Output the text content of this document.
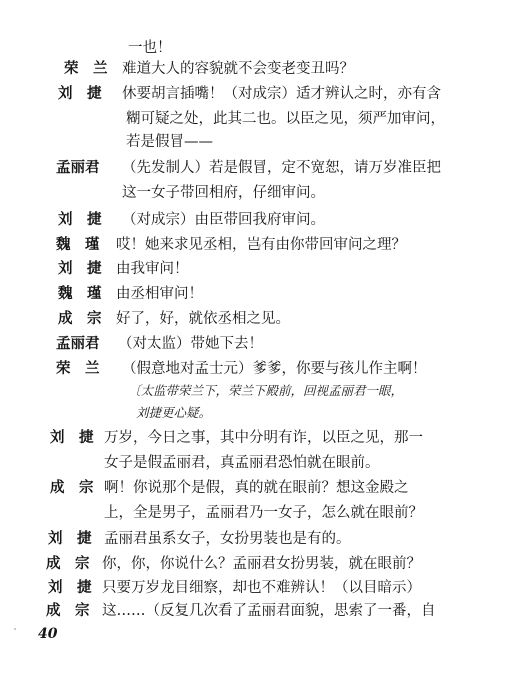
一也！
荣　兰 难道大人的容貌就不会变老变丑吗？
刘　捷 休要胡言插嘴！（对成宗）适才辨认之时，亦有含
糊可疑之处，此其二也。以臣之见，须严加审问，
若是假冒——
孟丽君 （先发制人）若是假冒，定不宽恕，请万岁准臣把
这一女子带回相府，仔细审问。
刘　捷 （对成宗）由臣带回我府审问。
魏　瑾 哎！她来求见丞相，岂有由你带回审问之理？
刘　捷 由我审问！
魏　瑾 由丞相审问！
成　宗 好了，好，就依丞相之见。
孟丽君 （对太监）带她下去！
荣　兰 （假意地对孟士元）爹爹，你要与孩儿作主啊！
〔太监带荣兰下，荣兰下殿前，回视孟丽君一眼，
刘捷更心疑。
刘　捷 万岁，今日之事，其中分明有诈，以臣之见，那一
女子是假孟丽君，真孟丽君恐怕就在眼前。
成　宗 啊！你说那个是假，真的就在眼前？想这金殿之
上，全是男子，孟丽君乃一女子，怎么就在眼前？
刘　捷 孟丽君虽系女子，女扮男装也是有的。
成　宗 你，你，你说什么？孟丽君女扮男装，就在眼前？
刘　捷 只要万岁龙目细察，却也不难辨认！（以目暗示）
成　宗 这……（反复几次看了孟丽君面貌，思索了一番，自
40
